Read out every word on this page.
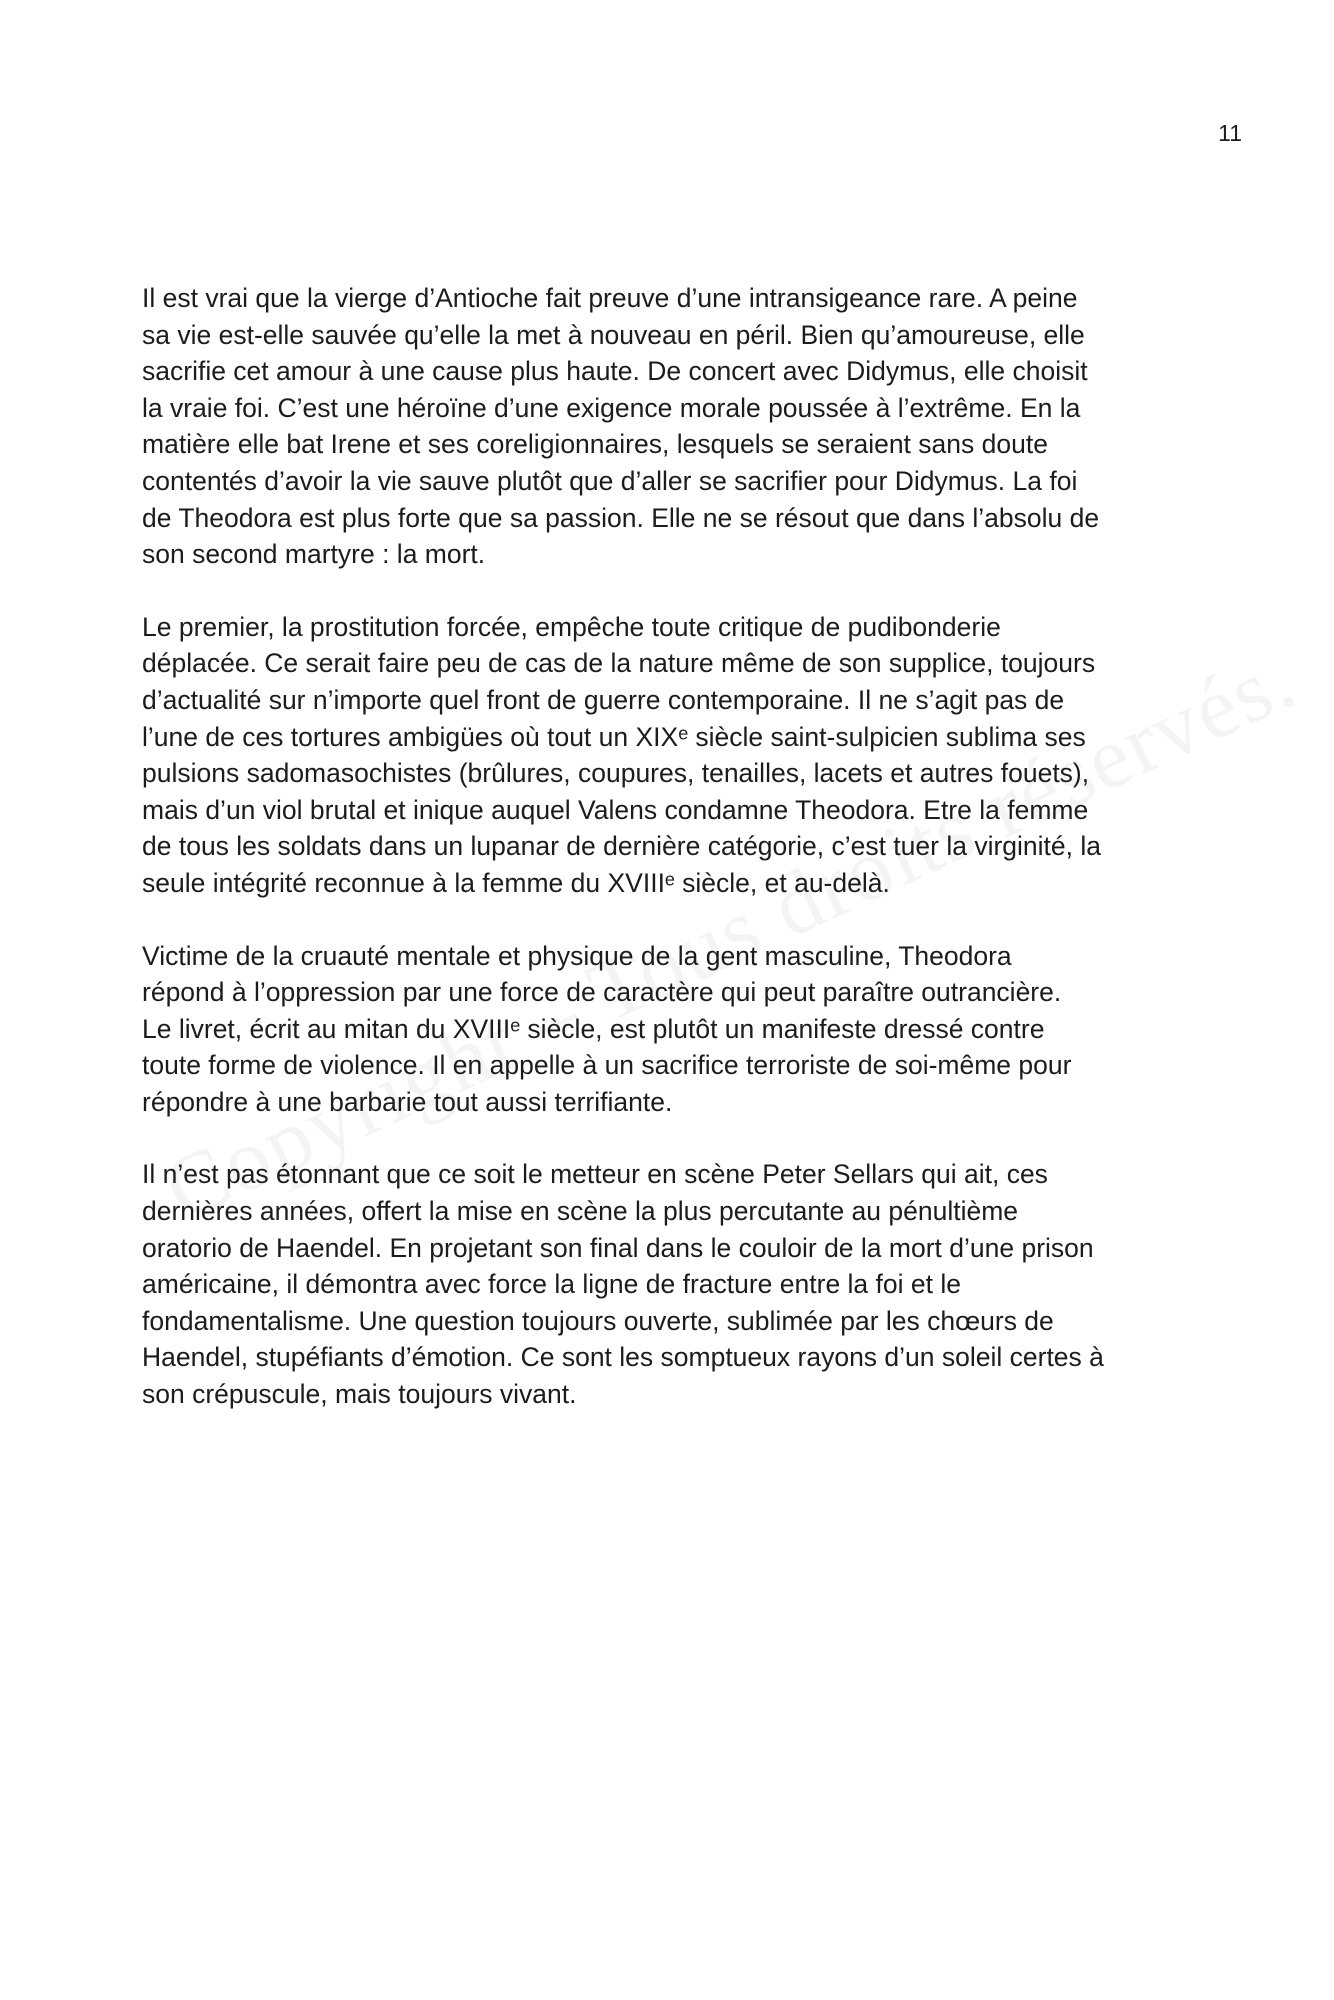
11

Il est vrai que la vierge d’Antioche fait preuve d’une intransigeance rare. A peine
sa vie est-elle sauvée qu’elle la met à nouveau en péril. Bien qu’amoureuse, elle
sacrifie cet amour à une cause plus haute. De concert avec Didymus, elle choisit
la vraie foi. C’est une héroïne d’une exigence morale poussée à l’extrême. En la
matière elle bat Irene et ses coreligionnaires, lesquels se seraient sans doute
contentés d’avoir la vie sauve plutôt que d’aller se sacrifier pour Didymus. La foi
de Theodora est plus forte que sa passion. Elle ne se résout que dans l’absolu de
son second martyre : la mort.

Le premier, la prostitution forcée, empêche toute critique de pudibonderie
déplacée. Ce serait faire peu de cas de la nature même de son supplice, toujours
d’actualité sur n’importe quel front de guerre contemporaine. Il ne s’agit pas de
l’une de ces tortures ambigües où tout un XIXᵉ siècle saint-sulpicien sublima ses
pulsions sadomasochistes (brûlures, coupures, tenailles, lacets et autres fouets),
mais d’un viol brutal et inique auquel Valens condamne Theodora. Etre la femme
de tous les soldats dans un lupanar de dernière catégorie, c’est tuer la virginité, la
seule intégrité reconnue à la femme du XVIIIᵉ siècle, et au-delà.

Victime de la cruauté mentale et physique de la gent masculine, Theodora
répond à l’oppression par une force de caractère qui peut paraître outrancière.
Le livret, écrit au mitan du XVIIIᵉ siècle, est plutôt un manifeste dressé contre
toute forme de violence. Il en appelle à un sacrifice terroriste de soi-même pour
répondre à une barbarie tout aussi terrifiante.

Il n’est pas étonnant que ce soit le metteur en scène Peter Sellars qui ait, ces
dernières années, offert la mise en scène la plus percutante au pénultième
oratorio de Haendel. En projetant son final dans le couloir de la mort d’une prison
américaine, il démontra avec force la ligne de fracture entre la foi et le
fondamentalisme. Une question toujours ouverte, sublimée par les chœurs de
Haendel, stupéfiants d’émotion. Ce sont les somptueux rayons d’un soleil certes à
son crépuscule, mais toujours vivant.
